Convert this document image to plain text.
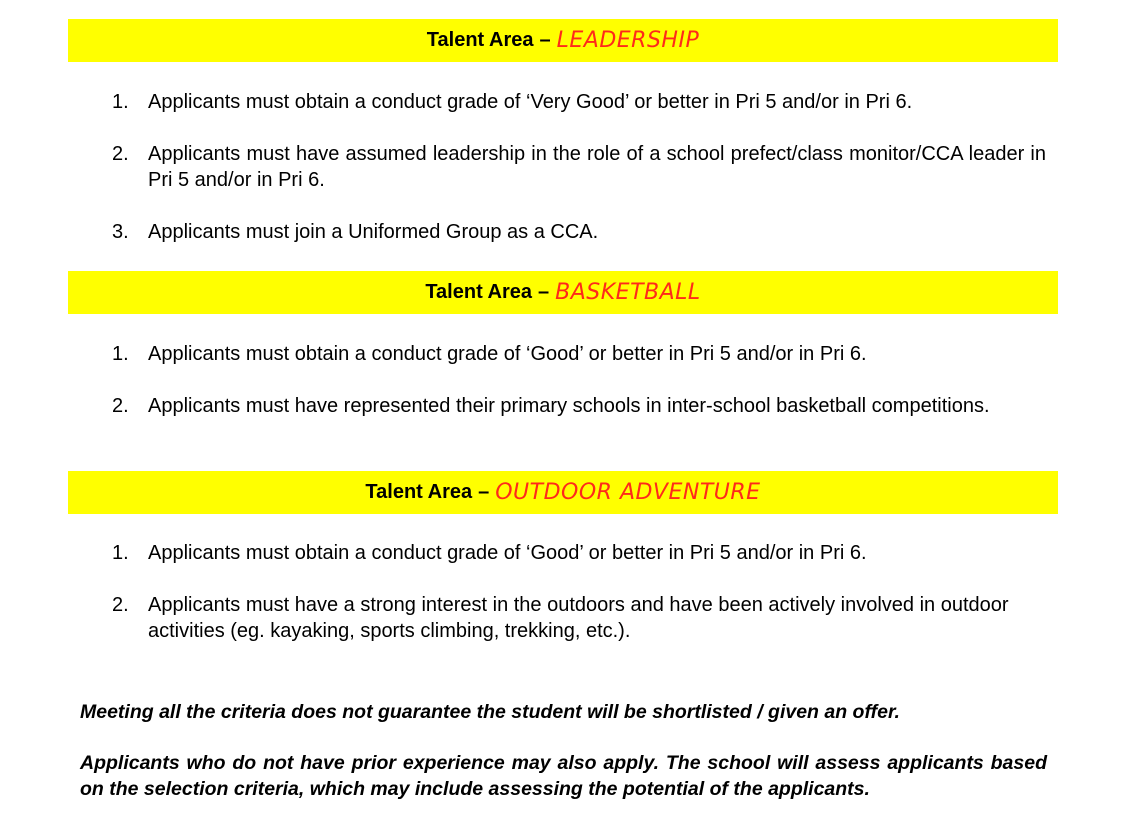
Talent Area – LEADERSHIP
1. Applicants must obtain a conduct grade of ‘Very Good’ or better in Pri 5 and/or in Pri 6.
2. Applicants must have assumed leadership in the role of a school prefect/class monitor/CCA leader in Pri 5 and/or in Pri 6.
3. Applicants must join a Uniformed Group as a CCA.
Talent Area – BASKETBALL
1. Applicants must obtain a conduct grade of ‘Good’ or better in Pri 5 and/or in Pri 6.
2. Applicants must have represented their primary schools in inter-school basketball competitions.
Talent Area – OUTDOOR ADVENTURE
1. Applicants must obtain a conduct grade of ‘Good’ or better in Pri 5 and/or in Pri 6.
2. Applicants must have a strong interest in the outdoors and have been actively involved in outdoor activities (eg. kayaking, sports climbing, trekking, etc.).

Meeting all the criteria does not guarantee the student will be shortlisted / given an offer.

Applicants who do not have prior experience may also apply. The school will assess applicants based on the selection criteria, which may include assessing the potential of the applicants.
